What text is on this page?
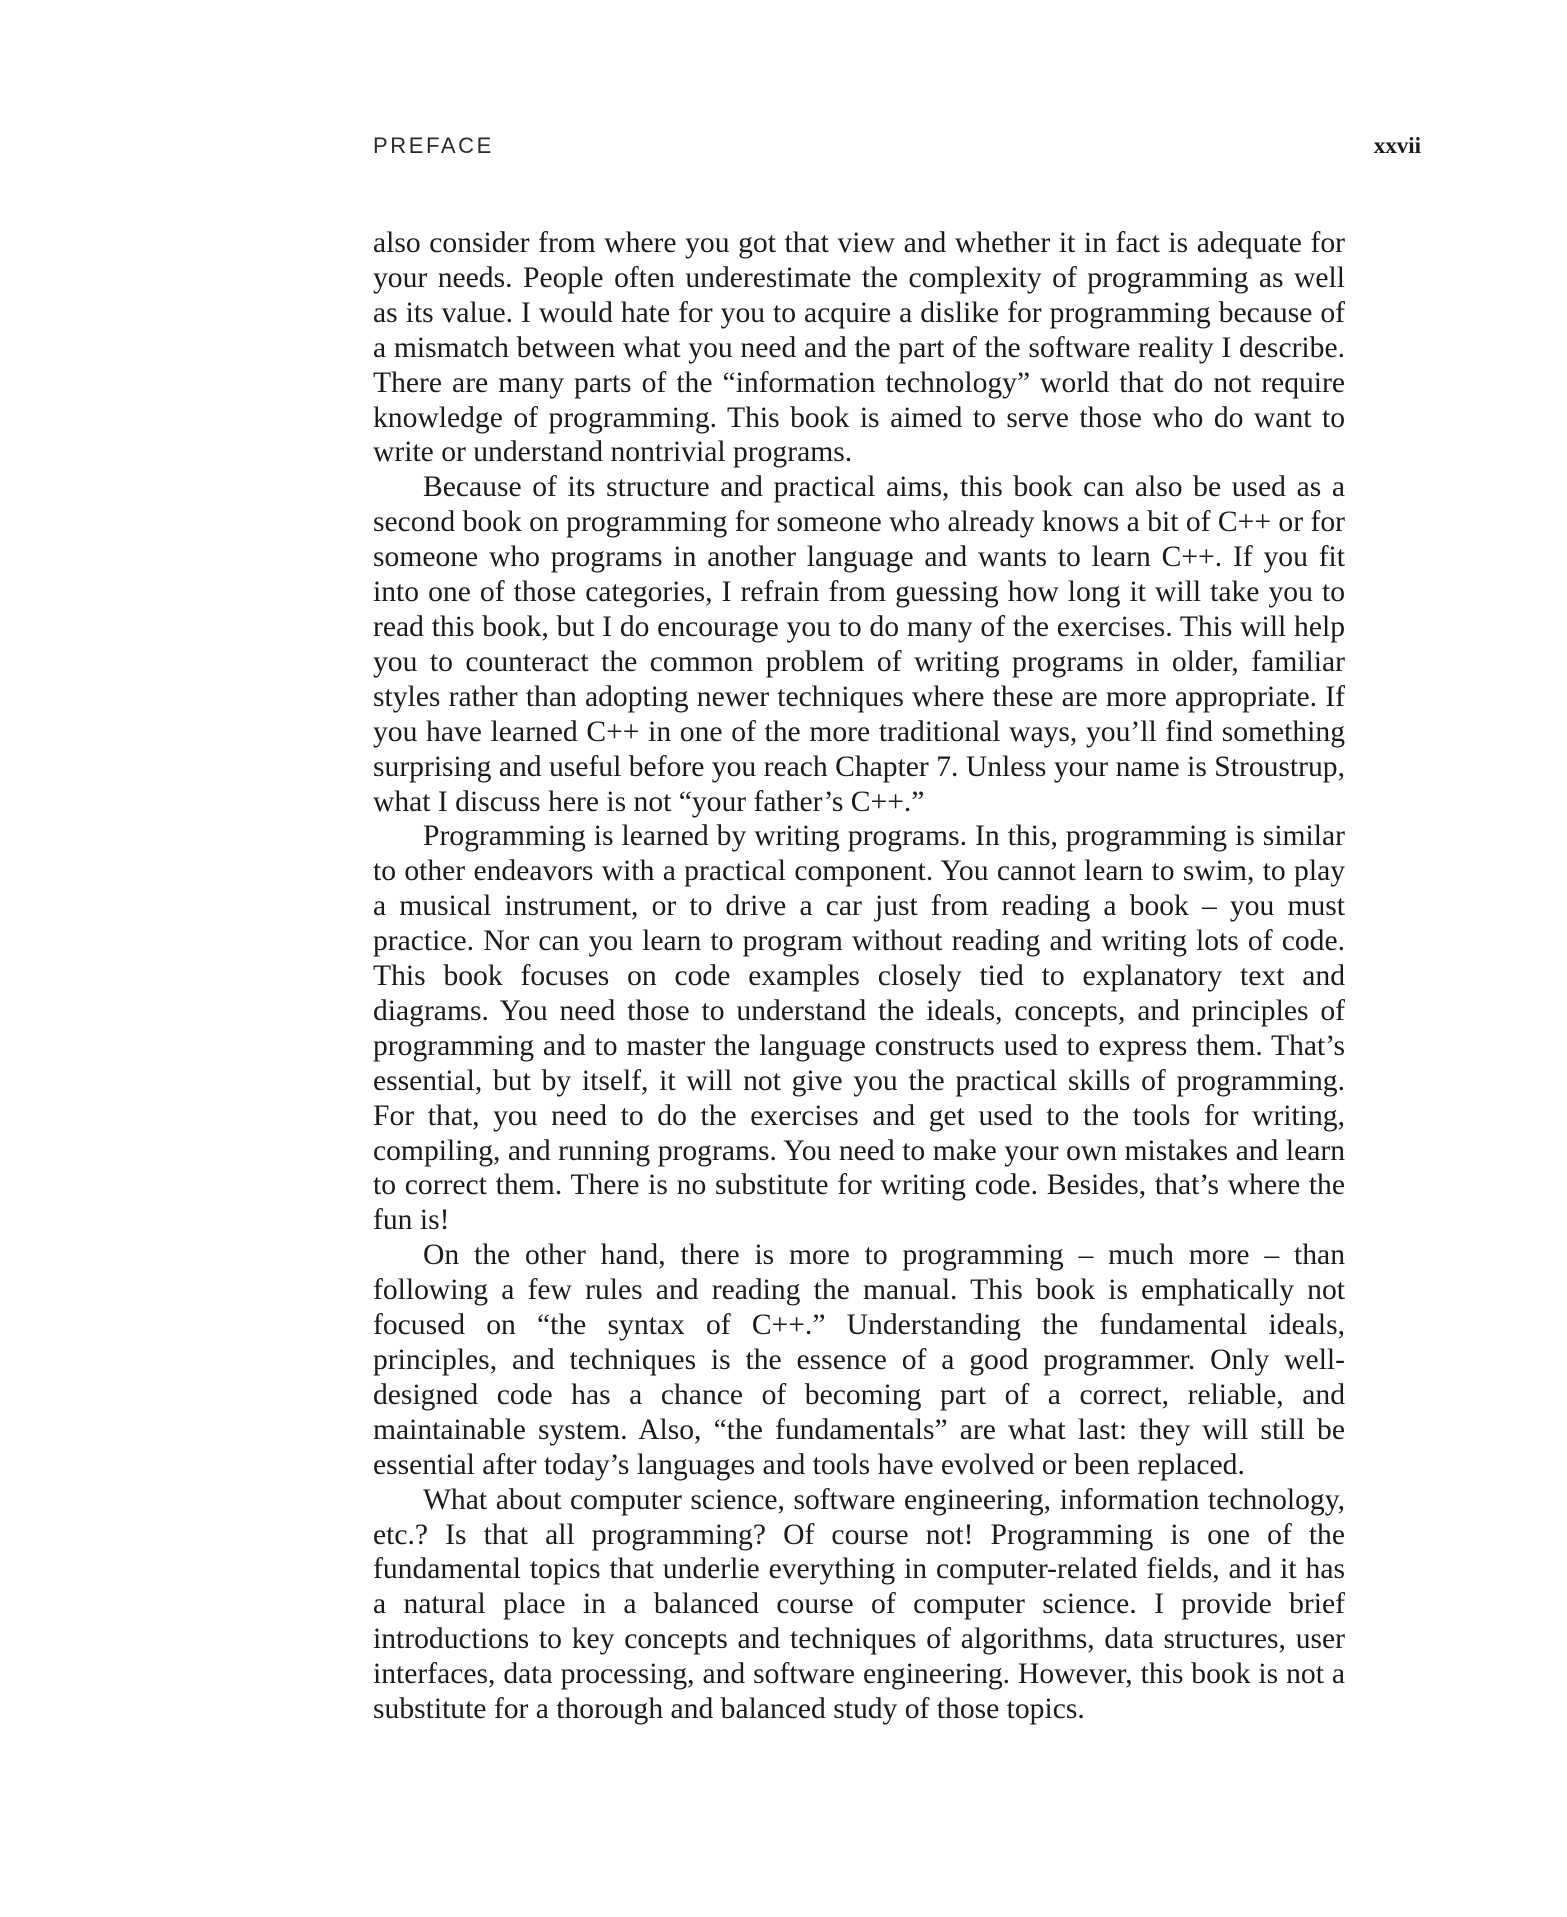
PREFACE	xxvii

also consider from where you got that view and whether it in fact is adequate for your needs. People often underestimate the complexity of programming as well as its value. I would hate for you to acquire a dislike for programming because of a mismatch between what you need and the part of the software reality I describe. There are many parts of the “information technology” world that do not require knowledge of programming. This book is aimed to serve those who do want to write or understand nontrivial programs.

Because of its structure and practical aims, this book can also be used as a second book on programming for someone who already knows a bit of C++ or for someone who programs in another language and wants to learn C++. If you fit into one of those categories, I refrain from guessing how long it will take you to read this book, but I do encourage you to do many of the exercises. This will help you to counteract the common problem of writing programs in older, familiar styles rather than adopting newer techniques where these are more appropriate. If you have learned C++ in one of the more traditional ways, you’ll find something surprising and useful before you reach Chapter 7. Unless your name is Stroustrup, what I discuss here is not “your father’s C++.”

Programming is learned by writing programs. In this, programming is similar to other endeavors with a practical component. You cannot learn to swim, to play a musical instrument, or to drive a car just from reading a book – you must practice. Nor can you learn to program without reading and writing lots of code. This book focuses on code examples closely tied to explanatory text and diagrams. You need those to understand the ideals, concepts, and principles of programming and to master the language constructs used to express them. That’s essential, but by itself, it will not give you the practical skills of programming. For that, you need to do the exercises and get used to the tools for writing, compiling, and running programs. You need to make your own mistakes and learn to correct them. There is no substitute for writing code. Besides, that’s where the fun is!

On the other hand, there is more to programming – much more – than following a few rules and reading the manual. This book is emphatically not focused on “the syntax of C++.” Understanding the fundamental ideals, principles, and techniques is the essence of a good programmer. Only well-designed code has a chance of becoming part of a correct, reliable, and maintainable system. Also, “the fundamentals” are what last: they will still be essential after today’s languages and tools have evolved or been replaced.

What about computer science, software engineering, information technology, etc.? Is that all programming? Of course not! Programming is one of the fundamental topics that underlie everything in computer-related fields, and it has a natural place in a balanced course of computer science. I provide brief introductions to key concepts and techniques of algorithms, data structures, user interfaces, data processing, and software engineering. However, this book is not a substitute for a thorough and balanced study of those topics.
